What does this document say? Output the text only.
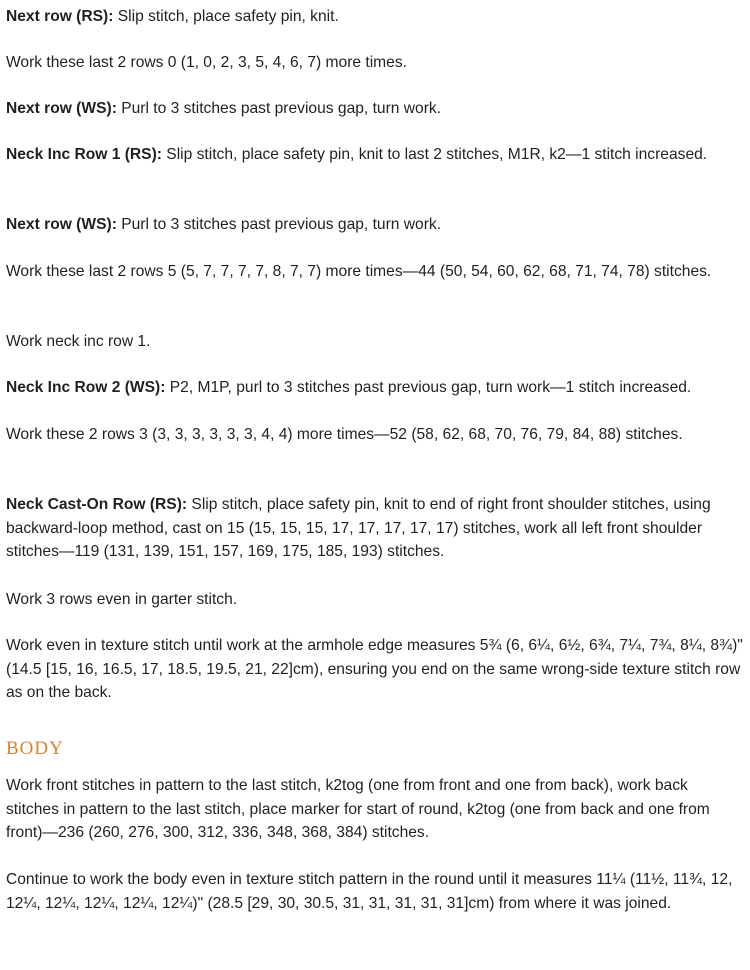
Next row (RS): Slip stitch, place safety pin, knit.

Work these last 2 rows 0 (1, 0, 2, 3, 5, 4, 6, 7) more times.

Next row (WS): Purl to 3 stitches past previous gap, turn work.

Neck Inc Row 1 (RS): Slip stitch, place safety pin, knit to last 2 stitches, M1R, k2—1 stitch increased.

Next row (WS): Purl to 3 stitches past previous gap, turn work.

Work these last 2 rows 5 (5, 7, 7, 7, 7, 8, 7, 7) more times—44 (50, 54, 60, 62, 68, 71, 74, 78) stitches.

Work neck inc row 1.

Neck Inc Row 2 (WS): P2, M1P, purl to 3 stitches past previous gap, turn work—1 stitch increased.

Work these 2 rows 3 (3, 3, 3, 3, 3, 3, 4, 4) more times—52 (58, 62, 68, 70, 76, 79, 84, 88) stitches.

Neck Cast-On Row (RS): Slip stitch, place safety pin, knit to end of right front shoulder stitches, using backward-loop method, cast on 15 (15, 15, 15, 17, 17, 17, 17, 17) stitches, work all left front shoulder stitches—119 (131, 139, 151, 157, 169, 175, 185, 193) stitches.

Work 3 rows even in garter stitch.

Work even in texture stitch until work at the armhole edge measures 5¾ (6, 6¼, 6½, 6¾, 7¼, 7¾, 8¼, 8¾)" (14.5 [15, 16, 16.5, 17, 18.5, 19.5, 21, 22]cm), ensuring you end on the same wrong-side texture stitch row as on the back.

BODY

Work front stitches in pattern to the last stitch, k2tog (one from front and one from back), work back stitches in pattern to the last stitch, place marker for start of round, k2tog (one from back and one from front)—236 (260, 276, 300, 312, 336, 348, 368, 384) stitches.

Continue to work the body even in texture stitch pattern in the round until it measures 11¼ (11½, 11¾, 12, 12¼, 12¼, 12¼, 12¼, 12¼)" (28.5 [29, 30, 30.5, 31, 31, 31, 31, 31]cm) from where it was joined.
